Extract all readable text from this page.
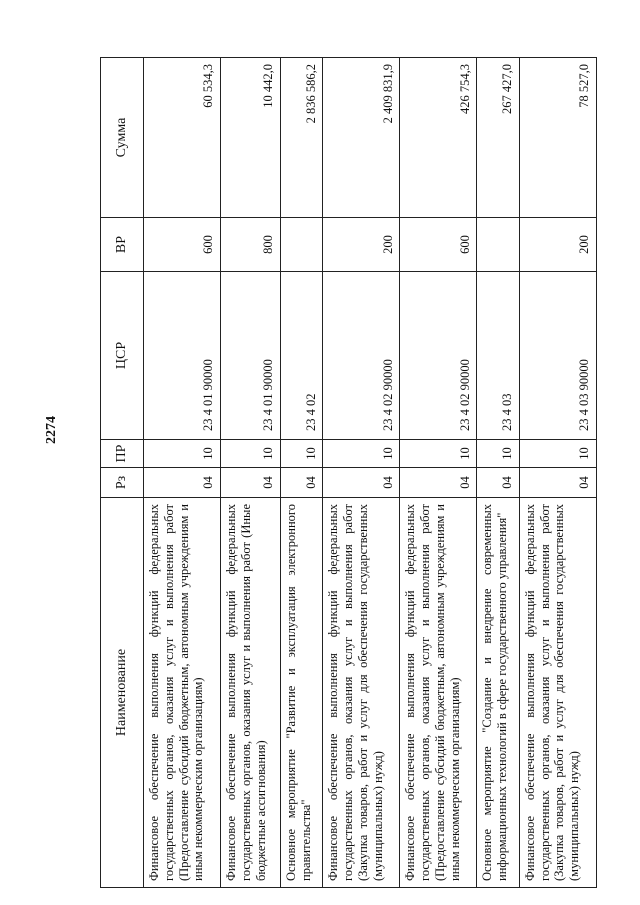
2274
Наименование	Рз	ПР	ЦСР	ВР	Сумма
Финансовое обеспечение выполнения функций федеральных государственных органов, оказания услуг и выполнения работ (Предоставление субсидий бюджетным, автономным учреждениям и иным некоммерческим организациям)	04	10	23 4 01 90000	600	60 534,3
Финансовое обеспечение выполнения функций федеральных государственных органов, оказания услуг и выполнения работ (Иные бюджетные ассигнования)	04	10	23 4 01 90000	800	10 442,0
Основное мероприятие "Развитие и эксплуатация электронного правительства"	04	10	23 4 02		2 836 586,2
Финансовое обеспечение выполнения функций федеральных государственных органов, оказания услуг и выполнения работ (Закупка товаров, работ и услуг для обеспечения государственных (муниципальных) нужд)	04	10	23 4 02 90000	200	2 409 831,9
Финансовое обеспечение выполнения функций федеральных государственных органов, оказания услуг и выполнения работ (Предоставление субсидий бюджетным, автономным учреждениям и иным некоммерческим организациям)	04	10	23 4 02 90000	600	426 754,3
Основное мероприятие "Создание и внедрение современных информационных технологий в сфере государственного управления"	04	10	23 4 03		267 427,0
Финансовое обеспечение выполнения функций федеральных государственных органов, оказания услуг и выполнения работ (Закупка товаров, работ и услуг для обеспечения государственных (муниципальных) нужд)	04	10	23 4 03 90000	200	78 527,0
